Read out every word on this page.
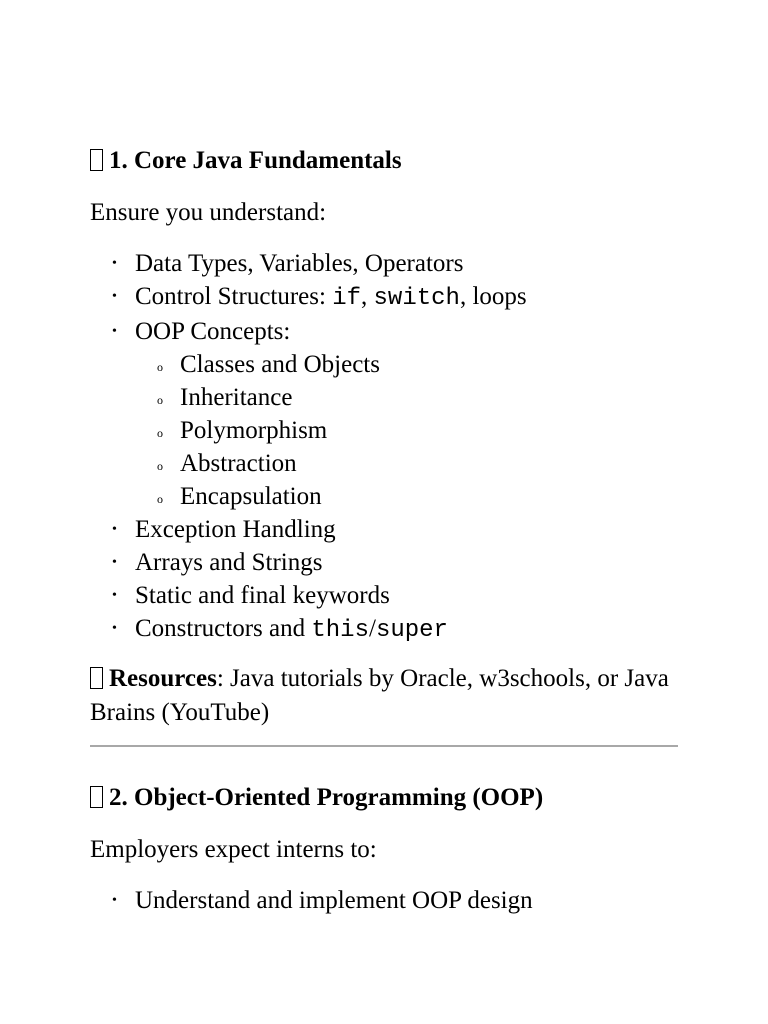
1. Core Java Fundamentals

Ensure you understand:

• Data Types, Variables, Operators
• Control Structures: if, switch, loops
• OOP Concepts:
o Classes and Objects
o Inheritance
o Polymorphism
o Abstraction
o Encapsulation
• Exception Handling
• Arrays and Strings
• Static and final keywords
• Constructors and this/super

Resources: Java tutorials by Oracle, w3schools, or Java Brains (YouTube)

2. Object-Oriented Programming (OOP)

Employers expect interns to:

• Understand and implement OOP design
